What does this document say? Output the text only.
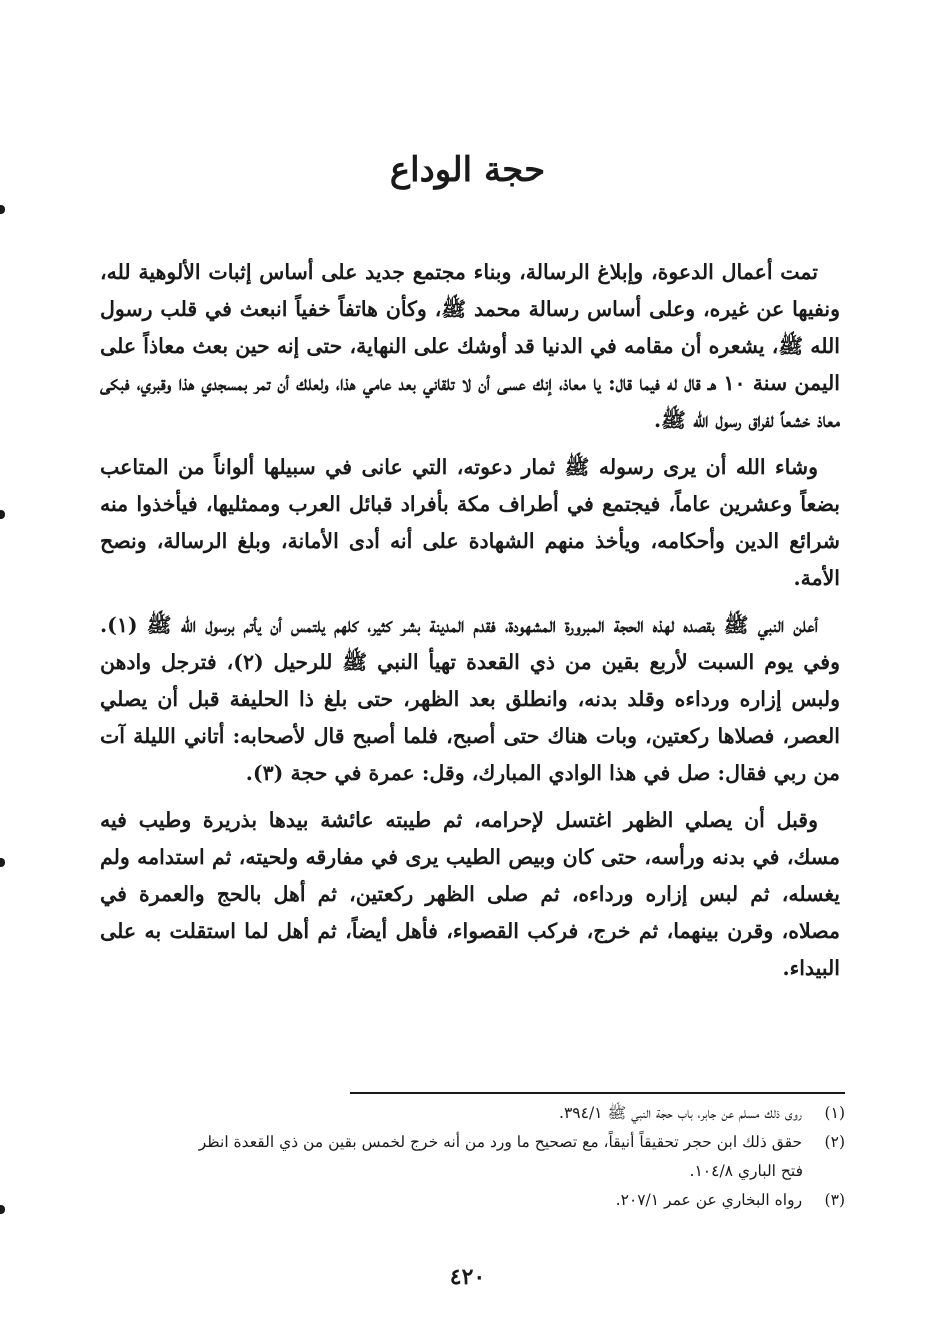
حجة الوداع

تمت أعمال الدعوة، وإبلاغ الرسالة، وبناء مجتمع جديد على أساس إثبات الألوهية لله، ونفيها عن غيره، وعلى أساس رسالة محمد ﷺ، وكأن هاتفاً خفياً انبعث في قلب رسول الله ﷺ، يشعره أن مقامه في الدنيا قد أوشك على النهاية، حتى إنه حين بعث معاذاً على اليمن سنة ١٠ هـ قال له فيما قال: يا معاذ، إنك عسى أن لا تلقاني بعد عامي هذا، ولعلك أن تمر بمسجدي هذا وقبري، فبكى معاذ خشعاً لفراق رسول الله ﷺ.

وشاء الله أن يرى رسوله ﷺ ثمار دعوته، التي عانى في سبيلها ألواناً من المتاعب بضعاً وعشرين عاماً، فيجتمع في أطراف مكة بأفراد قبائل العرب وممثليها، فيأخذوا منه شرائع الدين وأحكامه، ويأخذ منهم الشهادة على أنه أدى الأمانة، وبلغ الرسالة، ونصح الأمة.

أعلن النبي ﷺ بقصده لهذه الحجة المبرورة المشهودة، فقدم المدينة بشر كثير، كلهم يلتمس أن يأتم برسول الله ﷺ (١). وفي يوم السبت لأربع بقين من ذي القعدة تهيأ النبي ﷺ للرحيل (٢)، فترجل وادهن ولبس إزاره ورداءه وقلد بدنه، وانطلق بعد الظهر، حتى بلغ ذا الحليفة قبل أن يصلي العصر، فصلاها ركعتين، وبات هناك حتى أصبح، فلما أصبح قال لأصحابه: أتاني الليلة آت من ربي فقال: صل في هذا الوادي المبارك، وقل: عمرة في حجة (٣).

وقبل أن يصلي الظهر اغتسل لإحرامه، ثم طيبته عائشة بيدها بذريرة وطيب فيه مسك، في بدنه ورأسه، حتى كان وبيص الطيب يرى في مفارقه ولحيته، ثم استدامه ولم يغسله، ثم لبس إزاره ورداءه، ثم صلى الظهر ركعتين، ثم أهل بالحج والعمرة في مصلاه، وقرن بينهما، ثم خرج، فركب القصواء، فأهل أيضاً، ثم أهل لما استقلت به على البيداء.

(١) روى ذلك مسلم عن جابر، باب حجة النبي ﷺ ٣٩٤/١.

(٢) حقق ذلك ابن حجر تحقيقاً أنيقاً، مع تصحيح ما ورد من أنه خرج لخمس بقين من ذي القعدة انظر

فتح الباري ١٠٤/٨.

(٣) رواه البخاري عن عمر ٢٠٧/١.

٤٢٠
